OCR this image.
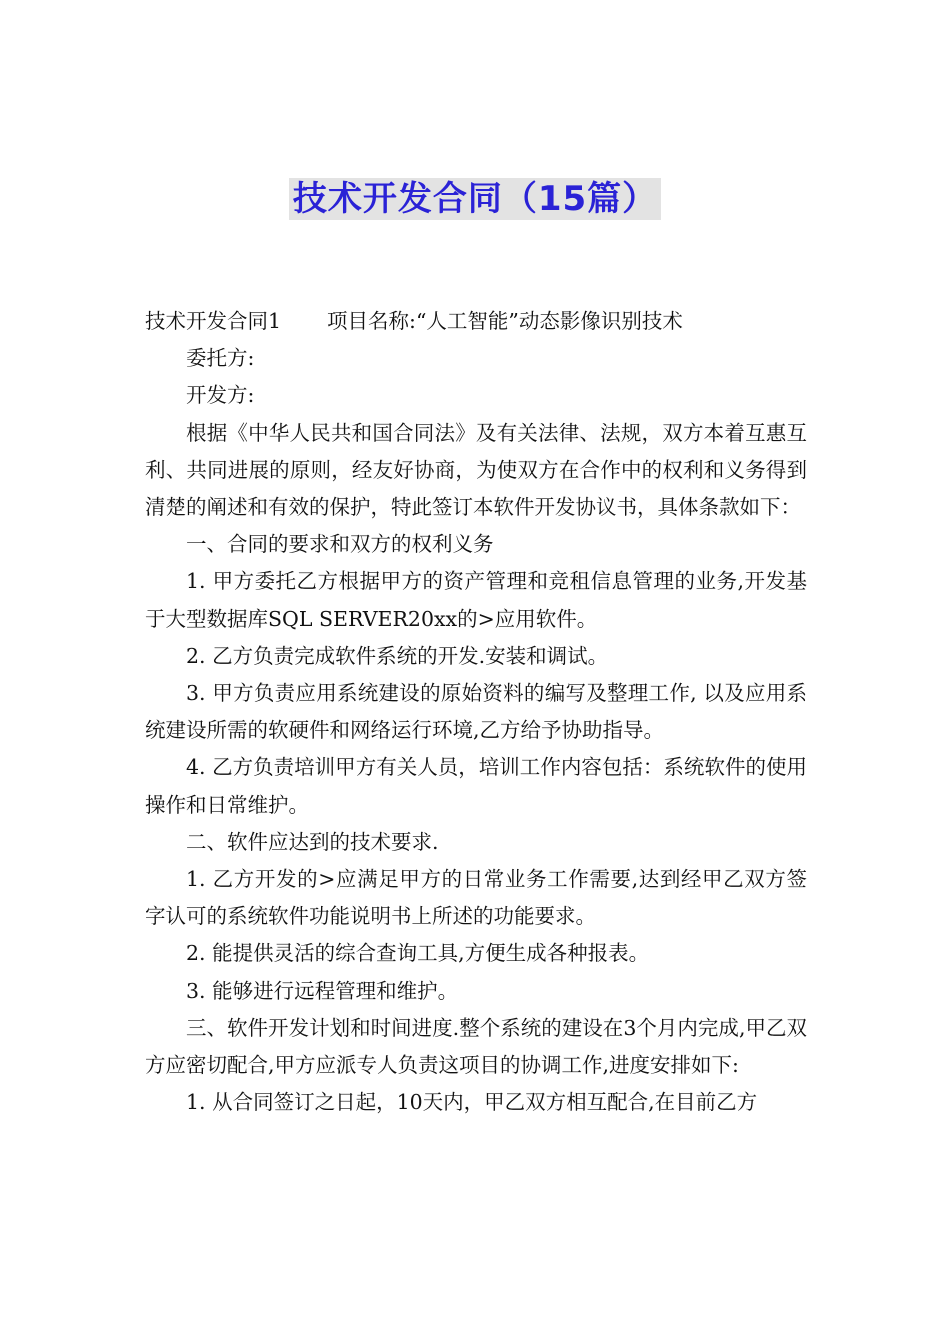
技术开发合同（15篇）

技术开发合同1 项目名称:“人工智能”动态影像识别技术

委托方:

开发方:

根据《中华人民共和国合同法》及有关法律、法规，双方本着互惠互利、共同进展的原则，经友好协商，为使双方在合作中的权利和义务得到清楚的阐述和有效的保护，特此签订本软件开发协议书，具体条款如下：

一、合同的要求和双方的权利义务

1. 甲方委托乙方根据甲方的资产管理和竞租信息管理的业务,开发基于大型数据库SQL SERVER20xx的>应用软件。

2. 乙方负责完成软件系统的开发.安装和调试。

3. 甲方负责应用系统建设的原始资料的编写及整理工作, 以及应用系统建设所需的软硬件和网络运行环境,乙方给予协助指导。

4. 乙方负责培训甲方有关人员，培训工作内容包括：系统软件的使用操作和日常维护。

二、软件应达到的技术要求.

1. 乙方开发的>应满足甲方的日常业务工作需要,达到经甲乙双方签字认可的系统软件功能说明书上所述的功能要求。

2. 能提供灵活的综合查询工具,方便生成各种报表。

3. 能够进行远程管理和维护。

三、软件开发计划和时间进度.整个系统的建设在3个月内完成,甲乙双方应密切配合,甲方应派专人负责这项目的协调工作,进度安排如下:

1. 从合同签订之日起，10天内，甲乙双方相互配合,在目前乙方
